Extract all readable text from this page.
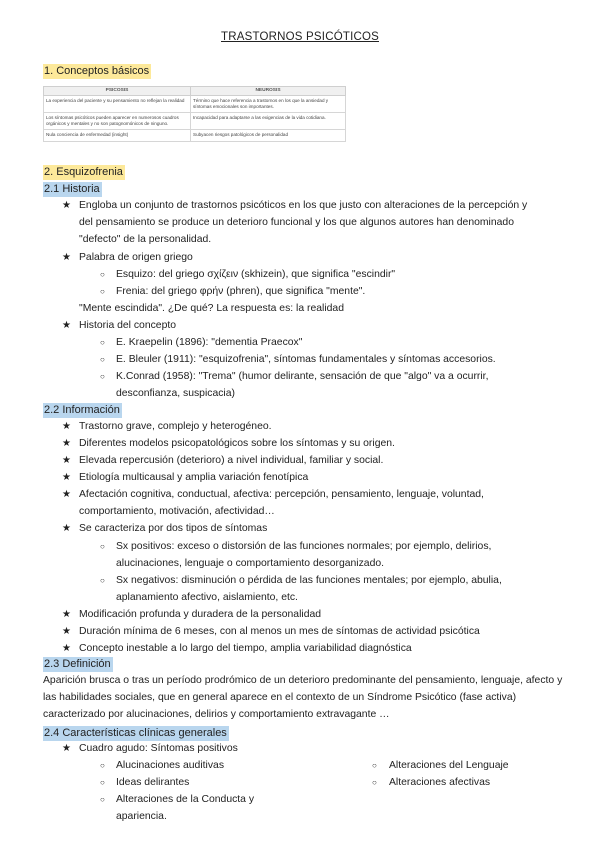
TRASTORNOS PSICÓTICOS
1. Conceptos básicos
PSICOSIS	NEUROSIS
La experiencia del paciente y su pensamiento no reflejan la realidad	Término que hace referencia a trastornos en los que la ansiedad y síntomas emocionales son importantes.
Los síntomas psicóticos pueden aparecer en numerosos cuadros orgánicos y mentales y no son patognomónicos de ninguno.	Incapacidad para adaptarse a las exigencias de la vida cotidiana.
Nula conciencia de enfermedad (insight)	Subyacen riesgos patológicos de personalidad
2. Esquizofrenia
2.1 Historia
★ Engloba un conjunto de trastornos psicóticos en los que justo con alteraciones de la percepción y
del pensamiento se produce un deterioro funcional y los que algunos autores han denominado
"defecto" de la personalidad.
★ Palabra de origen griego
○ Esquizo: del griego σχίζειν (skhizein), que significa "escindir"
○ Frenia: del griego φρήν (phren), que significa "mente".
"Mente escindida". ¿De qué? La respuesta es: la realidad
★ Historia del concepto
○ E. Kraepelin (1896): "dementia Praecox"
○ E. Bleuler (1911): "esquizofrenia", síntomas fundamentales y síntomas accesorios.
○ K.Conrad (1958): "Trema" (humor delirante, sensación de que "algo" va a ocurrir,
desconfianza, suspicacia)
2.2 Información
★ Trastorno grave, complejo y heterogéneo.
★ Diferentes modelos psicopatológicos sobre los síntomas y su origen.
★ Elevada repercusión (deterioro) a nivel individual, familiar y social.
★ Etiología multicausal y amplia variación fenotípica
★ Afectación cognitiva, conductual, afectiva: percepción, pensamiento, lenguaje, voluntad,
comportamiento, motivación, afectividad…
★ Se caracteriza por dos tipos de síntomas
○ Sx positivos: exceso o distorsión de las funciones normales; por ejemplo, delirios,
alucinaciones, lenguaje o comportamiento desorganizado.
○ Sx negativos: disminución o pérdida de las funciones mentales; por ejemplo, abulia,
aplanamiento afectivo, aislamiento, etc.
★ Modificación profunda y duradera de la personalidad
★ Duración mínima de 6 meses, con al menos un mes de síntomas de actividad psicótica
★ Concepto inestable a lo largo del tiempo, amplia variabilidad diagnóstica
2.3 Definición
Aparición brusca o tras un período prodrómico de un deterioro predominante del pensamiento, lenguaje, afecto y las habilidades sociales, que en general aparece en el contexto de un Síndrome Psicótico (fase activa) caracterizado por alucinaciones, delirios y comportamiento extravagante …
2.4 Características clínicas generales
★ Cuadro agudo: Síntomas positivos
○ Alucinaciones auditivas
○ Ideas delirantes
○ Alteraciones de la Conducta y
apariencia.
○ Alteraciones del Lenguaje
○ Alteraciones afectivas
